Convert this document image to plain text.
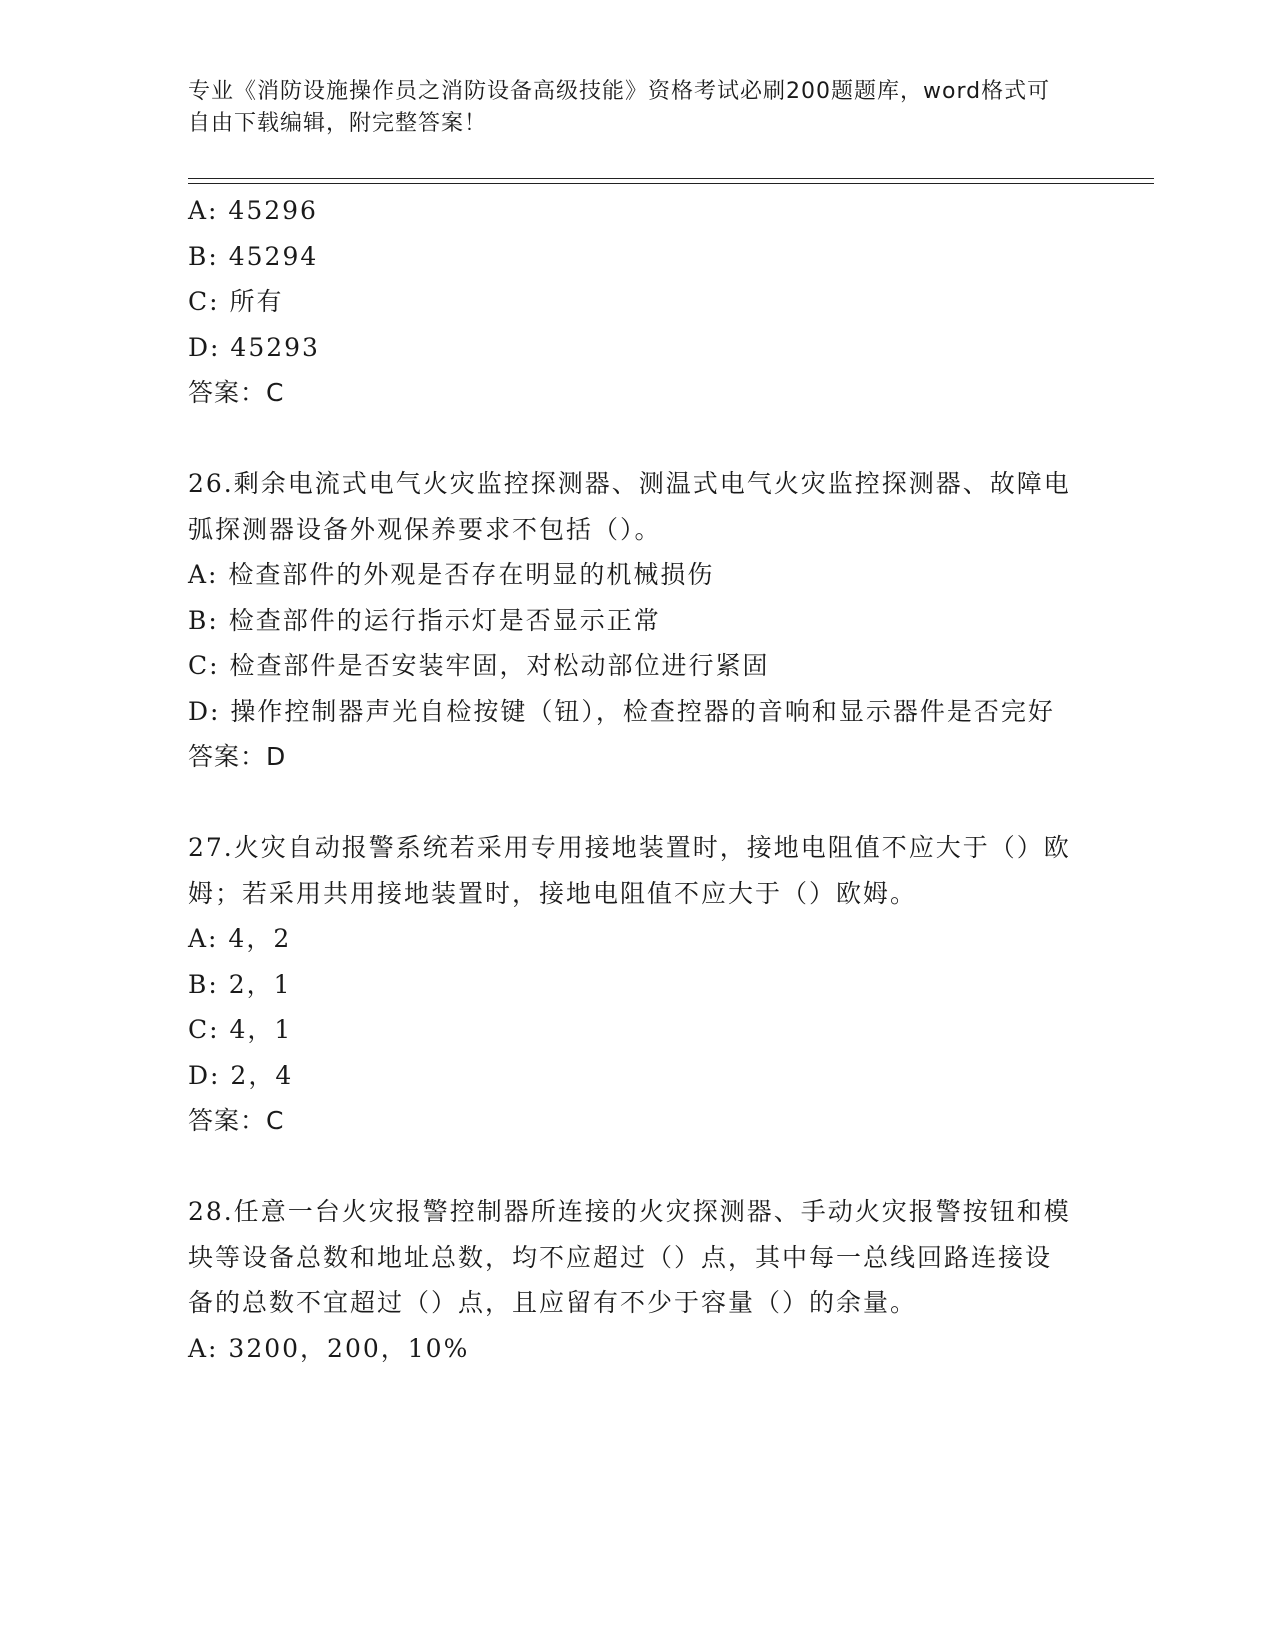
专业《消防设施操作员之消防设备高级技能》资格考试必刷200题题库，word格式可自由下载编辑，附完整答案！

A: 45296

B: 45294

C: 所有

D: 45293

答案：C

26.剩余电流式电气火灾监控探测器、测温式电气火灾监控探测器、故障电弧探测器设备外观保养要求不包括（）。

A: 检查部件的外观是否存在明显的机械损伤

B: 检查部件的运行指示灯是否显示正常

C: 检查部件是否安装牢固，对松动部位进行紧固

D: 操作控制器声光自检按键（钮），检查控器的音响和显示器件是否完好

答案：D

27.火灾自动报警系统若采用专用接地装置时，接地电阻值不应大于（）欧姆；若采用共用接地装置时，接地电阻值不应大于（）欧姆。

A: 4，2

B: 2，1

C: 4，1

D: 2，4

答案：C

28.任意一台火灾报警控制器所连接的火灾探测器、手动火灾报警按钮和模块等设备总数和地址总数，均不应超过（）点，其中每一总线回路连接设备的总数不宜超过（）点，且应留有不少于容量（）的余量。

A: 3200，200，10%
